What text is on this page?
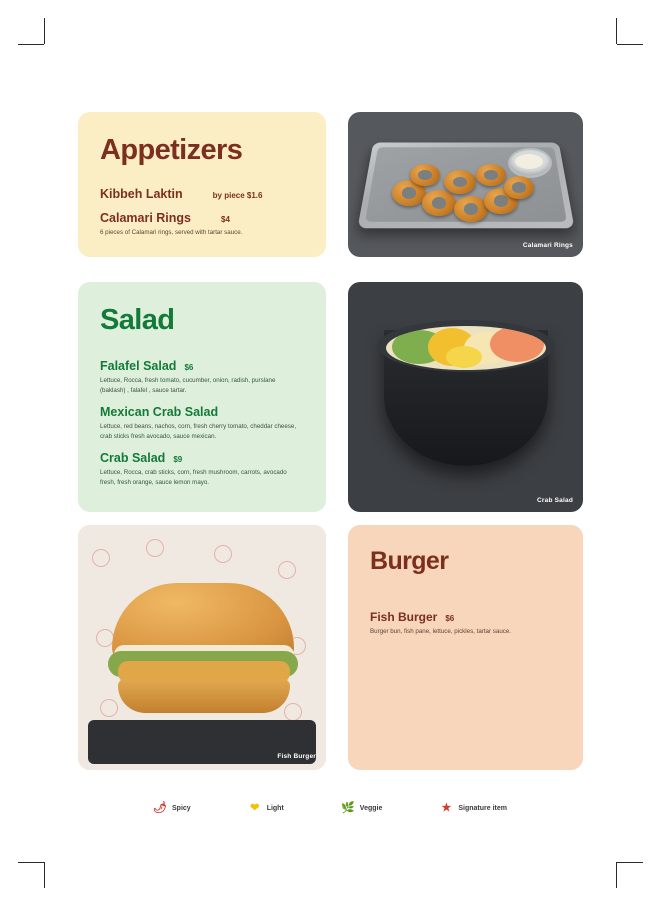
Appetizers
Kibbeh Laktin	by piece $1.6
Calamari Rings	$4
6 pieces of Calamari rings, served with tartar sauce.
Calamari Rings
Salad
Falafel Salad $6
Lettuce, Rocca, fresh tomato, cucumber, onion, radish, purslane (baklash) , falafel , sauce tartar.
Mexican Crab Salad
Lettuce, red beans, nachos, corn, fresh cherry tomato, cheddar cheese, crab sticks fresh avocado, sauce mexican.
Crab Salad $9
Lettuce, Rocca, crab sticks, corn, fresh mushroom, carrots, avocado fresh, fresh orange, sauce lemon mayo.
Crab Salad
Fish Burger
Burger
Fish Burger $6
Burger bun, fish pane, lettuce, pickles, tartar sauce.
🌶 Spicy	❤ Light	🌿 Veggie	★ Signature item
